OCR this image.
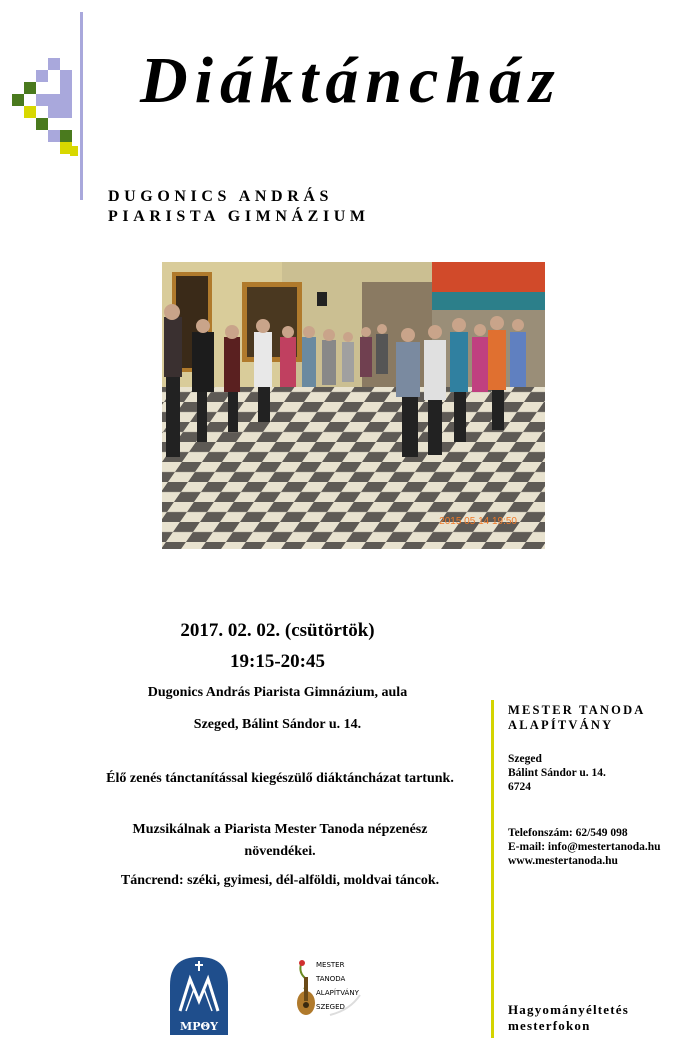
Diáktáncház
DUGONICS ANDRÁS
PIARISTA GIMNÁZIUM
2015 05 14 19:50
2017. 02. 02. (csütörtök)
19:15-20:45
Dugonics András Piarista Gimnázium, aula
Szeged, Bálint Sándor u. 14.
Élő zenés tánctanítással kiegészülő diáktáncházat tartunk.
Muzsikálnak a Piarista Mester Tanoda népzenész növendékei.
Táncrend: széki, gyimesi, dél-alföldi, moldvai táncok.
MESTER TANODA ALAPÍTVÁNY
Szeged
Bálint Sándor u. 14.
6724
Telefonszám: 62/549 098
E-mail: info@mestertanoda.hu
www.mestertanoda.hu
Hagyományéltetés mesterfokon
ΜΡΘΥ
MESTER
TANODA
ALAPÍTVÁNY
SZEGED
